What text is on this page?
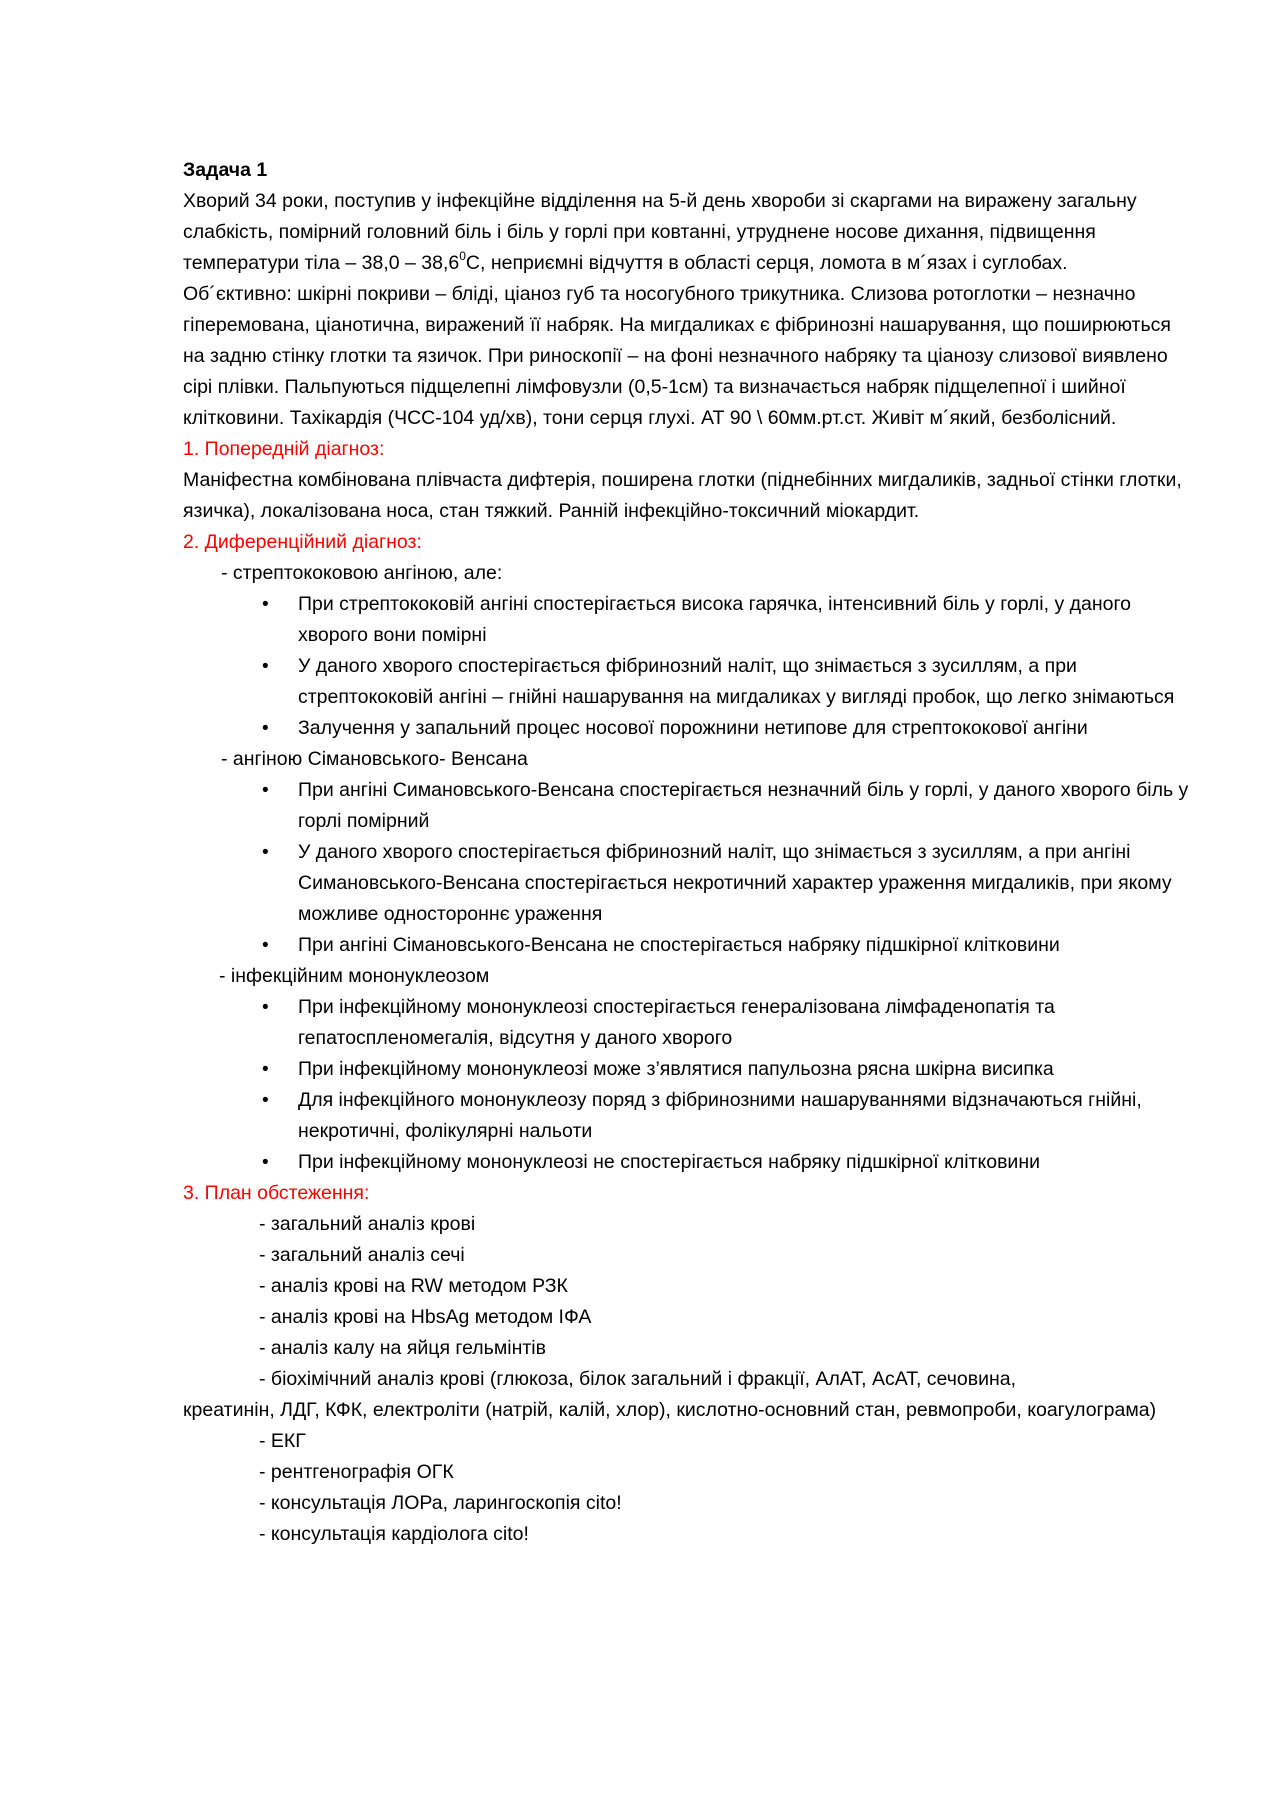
Задача 1

Хворий 34 роки, поступив у інфекційне відділення на 5-й день хвороби зі скаргами на виражену загальну слабкість, помірний головний біль і біль у горлі при ковтанні, утруднене носове дихання, підвищення температури тіла – 38,0 – 38,6$^0$С, неприємні відчуття в області серця, ломота в м´язах і суглобах.

Об´єктивно: шкірні покриви – бліді, ціаноз губ та носогубного трикутника. Слизова ротоглотки – незначно гіперемована, ціанотична, виражений її набряк. На мигдаликах є фібринозні нашарування, що поширюються на задню стінку глотки та язичок. При риноскопії – на фоні незначного набряку та ціанозу слизової виявлено сірі плівки. Пальпуються підщелепні лімфовузли (0,5-1см) та визначається набряк підщелепної і шийної клітковини. Тахікардія (ЧСС-104 уд/хв), тони серця глухі. АТ 90 \ 60мм.рт.ст. Живіт м´який, безболісний.

1. Попередній діагноз:

Маніфестна комбінована плівчаста дифтерія, поширена глотки (піднебінних мигдаликів, задньої стінки глотки, язичка), локалізована носа, стан тяжкий. Ранній інфекційно-токсичний міокардит.

2. Диференційний діагноз:

- стрептококовою ангіною, але:

• При стрептококовій ангіні спостерігається висока гарячка, інтенсивний біль у горлі, у даного хворого вони помірні
• У даного хворого спостерігається фібринозний наліт, що знімається з зусиллям, а при стрептококовій ангіні – гнійні нашарування на мигдаликах у вигляді пробок, що легко знімаються
• Залучення у запальний процес носової порожнини нетипове для стрептококової ангіни

- ангіною Сімановського- Венсана

• При ангіні Симановського-Венсана спостерігається незначний біль у горлі, у даного хворого біль у горлі помірний
• У даного хворого спостерігається фібринозний наліт, що знімається з зусиллям, а при ангіні Симановського-Венсана спостерігається некротичний характер ураження мигдаликів, при якому можливе одностороннє ураження
• При ангіні Сімановського-Венсана не спостерігається набряку підшкірної клітковини

- інфекційним мононуклеозом

• При інфекційному мононуклеозі спостерігається генералізована лімфаденопатія та гепатоспленомегалія, відсутня у даного хворого
• При інфекційному мононуклеозі може з’являтися папульозна рясна шкірна висипка
• Для інфекційного мононуклеозу поряд з фібринозними нашаруваннями відзначаються гнійні, некротичні, фолікулярні нальоти
• При інфекційному мононуклеозі не спостерігається набряку підшкірної клітковини

3. План обстеження:

- загальний аналіз крові

- загальний аналіз сечі

- аналіз крові на RW методом РЗК

- аналіз крові на HbsAg методом ІФА

- аналіз калу на яйця гельмінтів

- біохімічний аналіз крові (глюкоза, білок загальний і фракції, АлАТ, АсАТ, сечовина,

креатинін, ЛДГ, КФК, електроліти (натрій, калій, хлор), кислотно-основний стан, ревмопроби, коагулограма)

- ЕКГ

- рентгенографія ОГК

- консультація ЛОРа, ларингоскопія cito!

- консультація кардіолога cito!
